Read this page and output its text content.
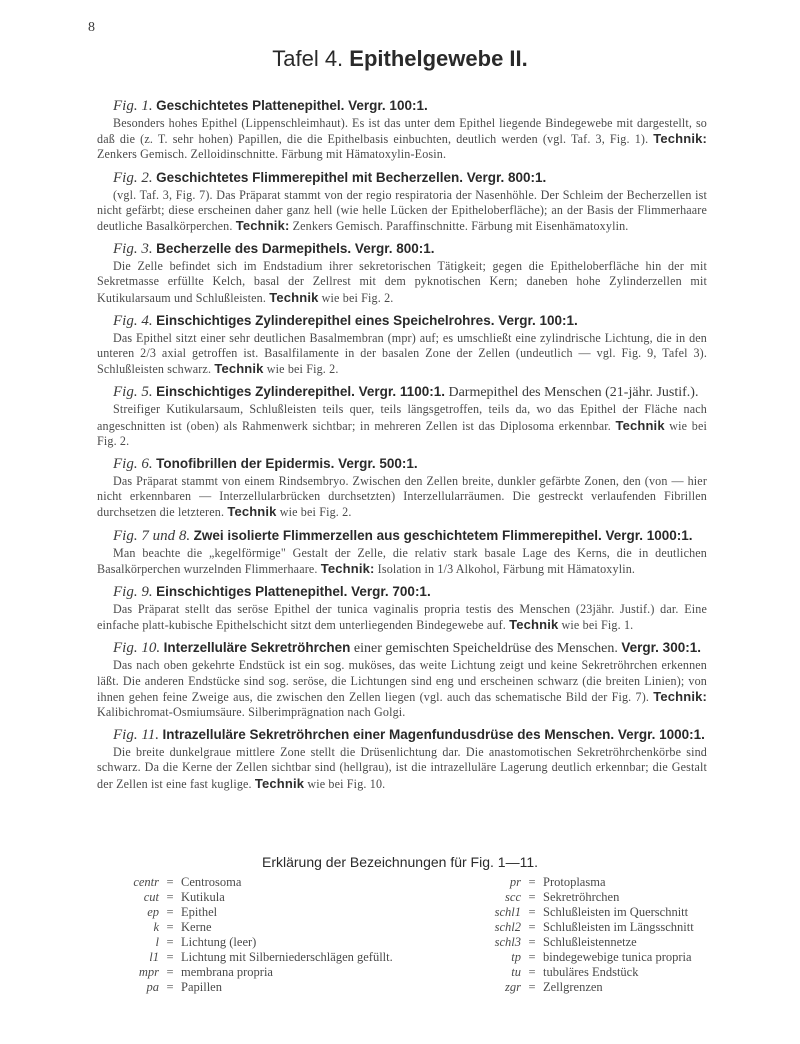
8
Tafel 4. Epithelgewebe II.

Fig. 1. Geschichtetes Plattenepithel. Vergr. 100:1.

Besonders hohes Epithel (Lippenschleimhaut). Es ist das unter dem Epithel liegende Bindegewebe mit dargestellt, so daß die (z. T. sehr hohen) Papillen, die die Epithelbasis einbuchten, deutlich werden (vgl. Taf. 3, Fig. 1). Technik: Zenkers Gemisch. Zelloidinschnitte. Färbung mit Hämatoxylin-Eosin.

Fig. 2. Geschichtetes Flimmerepithel mit Becherzellen. Vergr. 800:1.

(vgl. Taf. 3, Fig. 7). Das Präparat stammt von der regio respiratoria der Nasenhöhle. Der Schleim der Becherzellen ist nicht gefärbt; diese erscheinen daher ganz hell (wie helle Lücken der Epitheloberfläche); an der Basis der Flimmerhaare deutliche Basalkörperchen. Technik: Zenkers Gemisch. Paraffinschnitte. Färbung mit Eisenhämatoxylin.

Fig. 3. Becherzelle des Darmepithels. Vergr. 800:1.

Die Zelle befindet sich im Endstadium ihrer sekretorischen Tätigkeit; gegen die Epitheloberfläche hin der mit Sekretmasse erfüllte Kelch, basal der Zellrest mit dem pyknotischen Kern; daneben hohe Zylinderzellen mit Kutikularsaum und Schlußleisten. Technik wie bei Fig. 2.

Fig. 4. Einschichtiges Zylinderepithel eines Speichelrohres. Vergr. 100:1.

Das Epithel sitzt einer sehr deutlichen Basalmembran (mpr) auf; es umschließt eine zylindrische Lichtung, die in den unteren 2/3 axial getroffen ist. Basalfilamente in der basalen Zone der Zellen (undeutlich — vgl. Fig. 9, Tafel 3). Schlußleisten schwarz. Technik wie bei Fig. 2.

Fig. 5. Einschichtiges Zylinderepithel. Vergr. 1100:1. Darmepithel des Menschen (21-jähr. Justif.).

Streifiger Kutikularsaum, Schlußleisten teils quer, teils längsgetroffen, teils da, wo das Epithel der Fläche nach angeschnitten ist (oben) als Rahmenwerk sichtbar; in mehreren Zellen ist das Diplosoma erkennbar. Technik wie bei Fig. 2.

Fig. 6. Tonofibrillen der Epidermis. Vergr. 500:1.

Das Präparat stammt von einem Rindsembryo. Zwischen den Zellen breite, dunkler gefärbte Zonen, den (von — hier nicht erkennbaren — Interzellularbrücken durchsetzten) Interzellularräumen. Die gestreckt verlaufenden Fibrillen durchsetzen die letzteren. Technik wie bei Fig. 2.

Fig. 7 und 8. Zwei isolierte Flimmerzellen aus geschichtetem Flimmerepithel. Vergr. 1000:1.

Man beachte die „kegelförmige" Gestalt der Zelle, die relativ stark basale Lage des Kerns, die in deutlichen Basalkörperchen wurzelnden Flimmerhaare. Technik: Isolation in 1/3 Alkohol, Färbung mit Hämatoxylin.

Fig. 9. Einschichtiges Plattenepithel. Vergr. 700:1.

Das Präparat stellt das seröse Epithel der tunica vaginalis propria testis des Menschen (23jähr. Justif.) dar. Eine einfache platt-kubische Epithelschicht sitzt dem unterliegenden Bindegewebe auf. Technik wie bei Fig. 1.

Fig. 10. Interzelluläre Sekretröhrchen einer gemischten Speicheldrüse des Menschen. Vergr. 300:1.

Das nach oben gekehrte Endstück ist ein sog. muköses, das weite Lichtung zeigt und keine Sekretröhrchen erkennen läßt. Die anderen Endstücke sind sog. seröse, die Lichtungen sind eng und erscheinen schwarz (die breiten Linien); von ihnen gehen feine Zweige aus, die zwischen den Zellen liegen (vgl. auch das schematische Bild der Fig. 7). Technik: Kalibichromat-Osmiumsäure. Silberimprägnation nach Golgi.

Fig. 11. Intrazelluläre Sekretröhrchen einer Magenfundusdrüse des Menschen. Vergr. 1000:1.

Die breite dunkelgraue mittlere Zone stellt die Drüsenlichtung dar. Die anastomotischen Sekretröhrchenkörbe sind schwarz. Da die Kerne der Zellen sichtbar sind (hellgrau), ist die intrazelluläre Lagerung deutlich erkennbar; die Gestalt der Zellen ist eine fast kuglige. Technik wie bei Fig. 10.

Erklärung der Bezeichnungen für Fig. 1—11.
centr = Centrosoma
cut = Kutikula
ep = Epithel
k = Kerne
l = Lichtung (leer)
l1 = Lichtung mit Silberniederschlägen gefüllt.
mpr = membrana propria
pa = Papillen
pr = Protoplasma
scc = Sekretröhrchen
schl1 = Schlußleisten im Querschnitt
schl2 = Schlußleisten im Längsschnitt
schl3 = Schlußleistennetze
tp = bindegewebige tunica propria
tu = tubuläres Endstück
zgr = Zellgrenzen
